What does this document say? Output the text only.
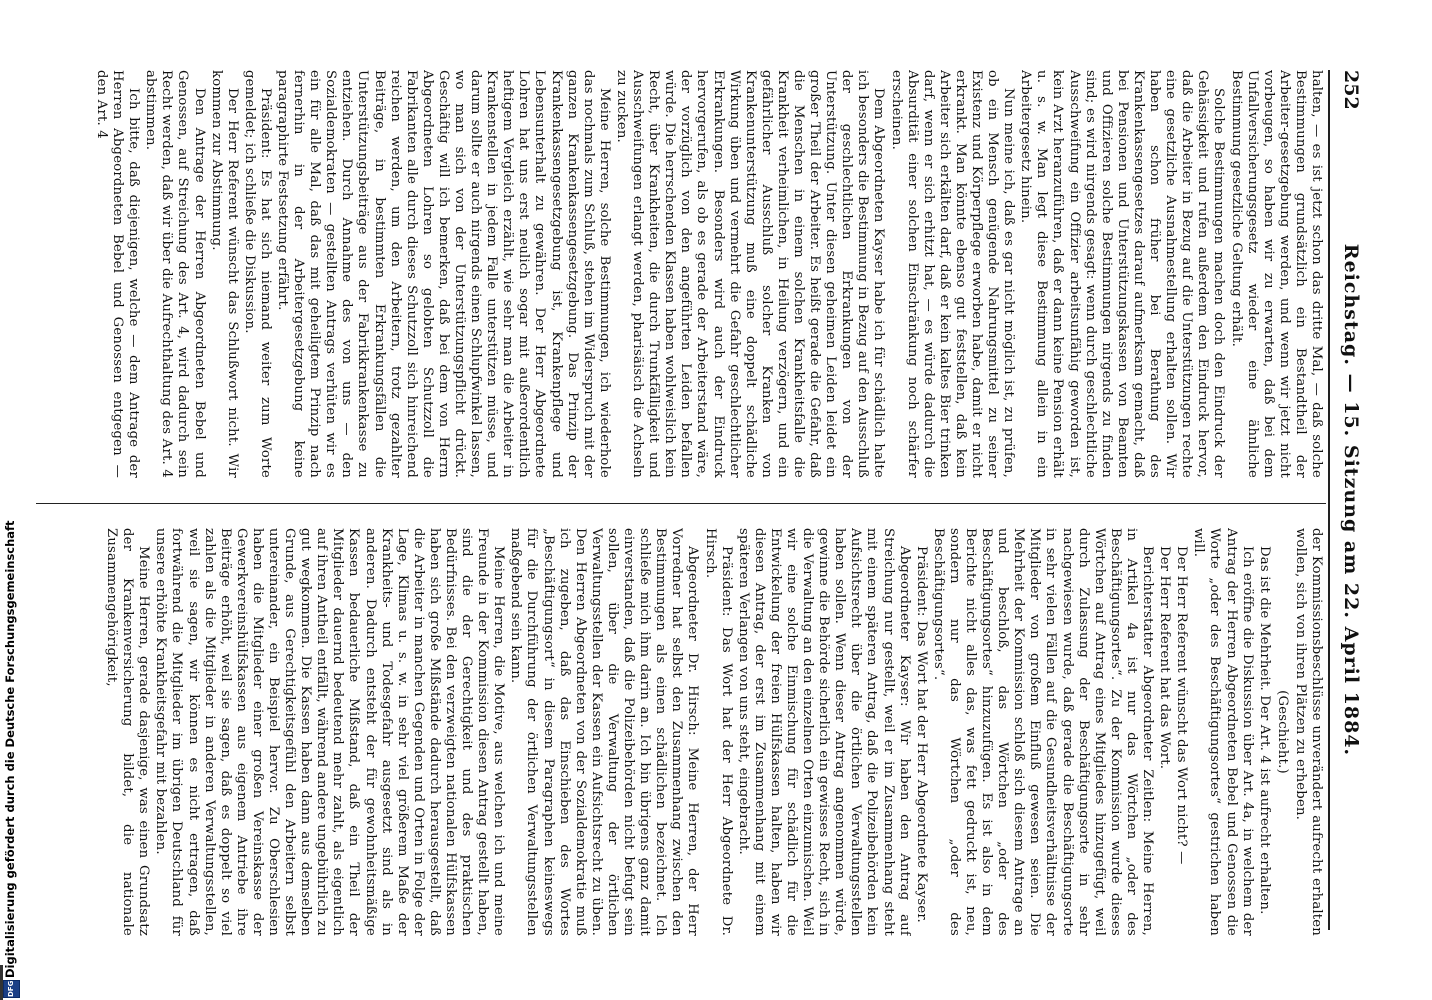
252
Reichstag. — 15. Sitzung am 22. April 1884.

halten, — es ist jetzt schon das dritte Mal, — daß solche Bestimmungen grundsätzlich ein Bestandtheil der Arbeiter-gesetzgebung werden, und wenn wir jetzt nicht vorbeugen, so haben wir zu erwarten, daß bei dem Unfallversicherungsgesetz wieder eine ähnliche Bestimmung gesetzliche Geltung erhält.

Solche Bestimmungen machen doch den Eindruck der Gehässigkeit und rufen außerdem den Eindruck hervor, daß die Arbeiter in Bezug auf die Unterstützungen rechte eine gesetzliche Ausnahmestellung erhalten sollen. Wir haben schon früher bei Berathung des Krankenkassengesetzes darauf aufmerksam gemacht, daß bei Pensionen und Unterstützungskassen von Beamten und Offizieren solche Bestimmungen nirgends zu finden sind; es wird nirgends gesagt: wenn durch geschlechtliche Ausschweifung ein Offizier arbeitsunfähig geworden ist, kein Arzt heranzuführen, daß er dann keine Pension erhält u. s. w. Man legt diese Bestimmung allein in ein Arbeitergesetz hinein.

Nun meine ich, daß es gar nicht möglich ist, zu prüfen, ob ein Mensch genügende Nahrungsmittel zu seiner Existenz und Körperpflege erworben habe, damit er nicht erkrankt. Man könnte ebenso gut feststellen, daß kein Arbeiter sich erkälten darf, daß er kein kaltes Bier trinken darf, wenn er sich erhitzt hat, — es würde dadurch die Absurdität einer solchen Einschränkung noch schärfer erscheinen.

Dem Abgeordneten Kayser habe ich für schädlich halte ich besonders die Bestimmung in Bezug auf den Ausschluß der geschlechtlichen Erkrankungen von der Unterstützung. Unter diesen geheimen Leiden leidet ein großer Theil der Arbeiter. Es heißt gerade die Gefahr, daß die Menschen in einem solchen Krankheitsfalle die Krankheit verheimlichen, in Heilung verzögern, und ein gefährlicher Ausschluß solcher Kranken von Krankenunterstützung muß eine doppelt schädliche Wirkung üben und vermehrt die Gefahr geschlechtlicher Erkrankungen. Besonders wird auch der Eindruck hervorgerufen, als ob es gerade der Arbeiterstand wäre, der vorzüglich von den angeführten Leiden befallen würde. Die herrschenden Klassen haben wohlweislich kein Recht, über Krankheiten, die durch Trunkfälligkeit und Ausschweifungen erlangt werden, pharisäisch die Achseln zu zucken.

Meine Herren, solche Bestimmungen, ich wiederhole das nochmals zum Schluß, stehen im Widerspruch mit der ganzen Krankenkassengesetzgebung. Das Prinzip der Krankenkassengesetzgebung ist, Krankenpflege und Lebensunterhalt zu gewähren. Der Herr Abgeordnete Lohren hat uns erst neulich sogar mit außerordentlich heftigem Vergleich erzählt, wie sehr man die Arbeiter in Krankenstellen in jedem Falle unterstützen müsse, und darum sollte er auch nirgends einen Schlupfwinkel lassen, wo man sich von der Unterstützungspflicht drückt. Geschäftig will ich bemerken, daß bei dem von Herrn Abgeordneten Lohren so gelobten Schutzzoll die Fabrikanten alle durch dieses Schutzzoll sich hinreichend reichen werden, um den Arbeitern, trotz gezahlter Beiträge, in bestimmten Erkrankungsfällen die Unterstützungsbeiträge aus der Fabrikkrankenkasse zu entziehen. Durch Annahme des von uns — den Sozialdemokraten — gestellten Antrags verhüten wir es ein für alle Mal, daß das mit geheiligtem Prinzip nach fernerhin in der Arbeitergesetzgebung keine paragraphirte Festsetzung erfährt.

Präsident: Es hat sich niemand weiter zum Worte gemeldet; ich schließe die Diskussion.

Der Herr Referent wünscht das Schlußwort nicht. Wir kommen zur Abstimmung.

Den Antrage der Herren Abgeordneten Bebel und Genossen, auf Streichung des Art. 4, wird dadurch sein Recht werden, daß wir über die Aufrechthaltung des Art. 4 abstimmen.

Ich bitte, daß diejenigen, welche — dem Antrage der Herren Abgeordneten Bebel und Genossen entgegen — den Art. 4

der Kommissionsbeschlüsse unverändert aufrecht erhalten wollen, sich von ihren Plätzen zu erheben.

(Geschieht.)

Das ist die Mehrheit. Der Art. 4 ist aufrecht erhalten.

Ich eröffne die Diskussion über Art. 4a, in welchem der Antrag der Herren Abgeordneten Bebel und Genossen die Worte „oder des Beschäftigungsortes“ gestrichen haben will.

Der Herr Referent wünscht das Wort nicht? —

Der Herr Referent hat das Wort.

Berichterstatter Abgeordneter Zeitlen: Meine Herren, in Artikel 4a ist nur das Wörtchen „oder des Beschäftigungsortes“. Zu der Kommission wurde dieses Wörtchen auf Antrag eines Mitgliedes hinzugefügt, weil durch Zulassung der Beschäftigungsorte in sehr nachgewiesen wurde, daß gerade die Beschäftigungsorte in sehr vielen Fällen auf die Gesundheitsverhältnisse der Mitglieder von großem Einfluß gewesen seien. Die Mehrheit der Kommission schloß sich diesem Antrage an und beschloß, das Wörtchen „oder des Beschäftigungsortes“ hinzuzufügen. Es ist also in dem Berichte nicht alles das, was fett gedruckt ist, neu, sondern nur das Wörtchen „oder des Beschäftigungsortes“.

Präsident: Das Wort hat der Herr Abgeordnete Kayser.

Abgeordneter Kayser: Wir haben den Antrag auf Streichung nur gestellt, weil er im Zusammenhang steht mit einem späteren Antrag, daß die Polizeibehörden kein Aufsichtsrecht über die örtlichen Verwaltungsstellen haben sollen. Wenn dieser Antrag angenommen würde, gewinne die Behörde sicherlich ein gewisses Recht, sich in die Verwaltung an den einzelnen Orten einzumischen. Weil wir eine solche Einmischung für schädlich für die Entwickelung der freien Hülfskassen halten, haben wir diesen Antrag, der erst im Zusammenhang mit einem späteren Verlangen von uns steht, eingebracht.

Präsident: Das Wort hat der Herr Abgeordnete Dr. Hirsch.

Abgeordneter Dr. Hirsch: Meine Herren, der Herr Vorredner hat selbst den Zusammenhang zwischen den Bestimmungen als einen schädlichen bezeichnet. Ich schließe mich ihm darin an. Ich bin übrigens ganz damit einverstanden, daß die Polizeibehörden nicht befugt sein sollen, über die Verwaltung der örtlichen Verwaltungsstellen der Kassen ein Aufsichtsrecht zu üben. Den Herren Abgeordneten von der Sozialdemokratie muß ich zugeben, daß das Einschieben des Wortes „Beschäftigungsort“ in diesem Paragraphen keineswegs für die Durchführung der örtlichen Verwaltungsstellen maßgebend sein kann.

Meine Herren, die Motive, aus welchen ich und meine Freunde in der Kommission diesen Antrag gestellt haben, sind die der Gerechtigkeit und des praktischen Bedürfnisses. Bei den verzweigten nationalen Hülfskassen haben sich große Mißstände dadurch herausgestellt, daß die Arbeiter in manchen Gegenden und Orten in Folge der Lage, Klimas u. s. w. in sehr viel größerem Maße der Krankheits- und Todesgefahr ausgesetzt sind als in anderen. Dadurch entsteht der für gewohnheitsmäßige Kassen bedauerliche Mißstand, daß ein Theil der Mitglieder dauernd bedeutend mehr zahlt, als eigentlich auf ihren Antheil entfällt, während andere ungebührlich zu gut wegkommen. Die Kassen haben dann aus demselben Grunde, aus Gerechtigkeitsgefühl den Arbeitern selbst untereinander, ein Beispiel hervor. Zu Oberschlesien haben die Mitglieder einer großen Vereinskasse der Gewerkvereinshülfskassen aus eigenem Antriebe ihre Beiträge erhöht, weil sie sagen, daß es doppelt so viel zahlen als die Mitglieder in anderen Verwaltungsstellen, weil sie sagen, wir können es nicht ertragen, daß fortwährend die Mitglieder im übrigen Deutschland für unsere erhöhte Krankheitsgefahr mit bezahlen.

Meine Herren, gerade dasjenige, was einen Grundsatz der Krankenversicherung bildet, die nationale Zusammengehörigkeit,

DFG
Digitalisierung gefördert durch die Deutsche Forschungsgemeinschaft
